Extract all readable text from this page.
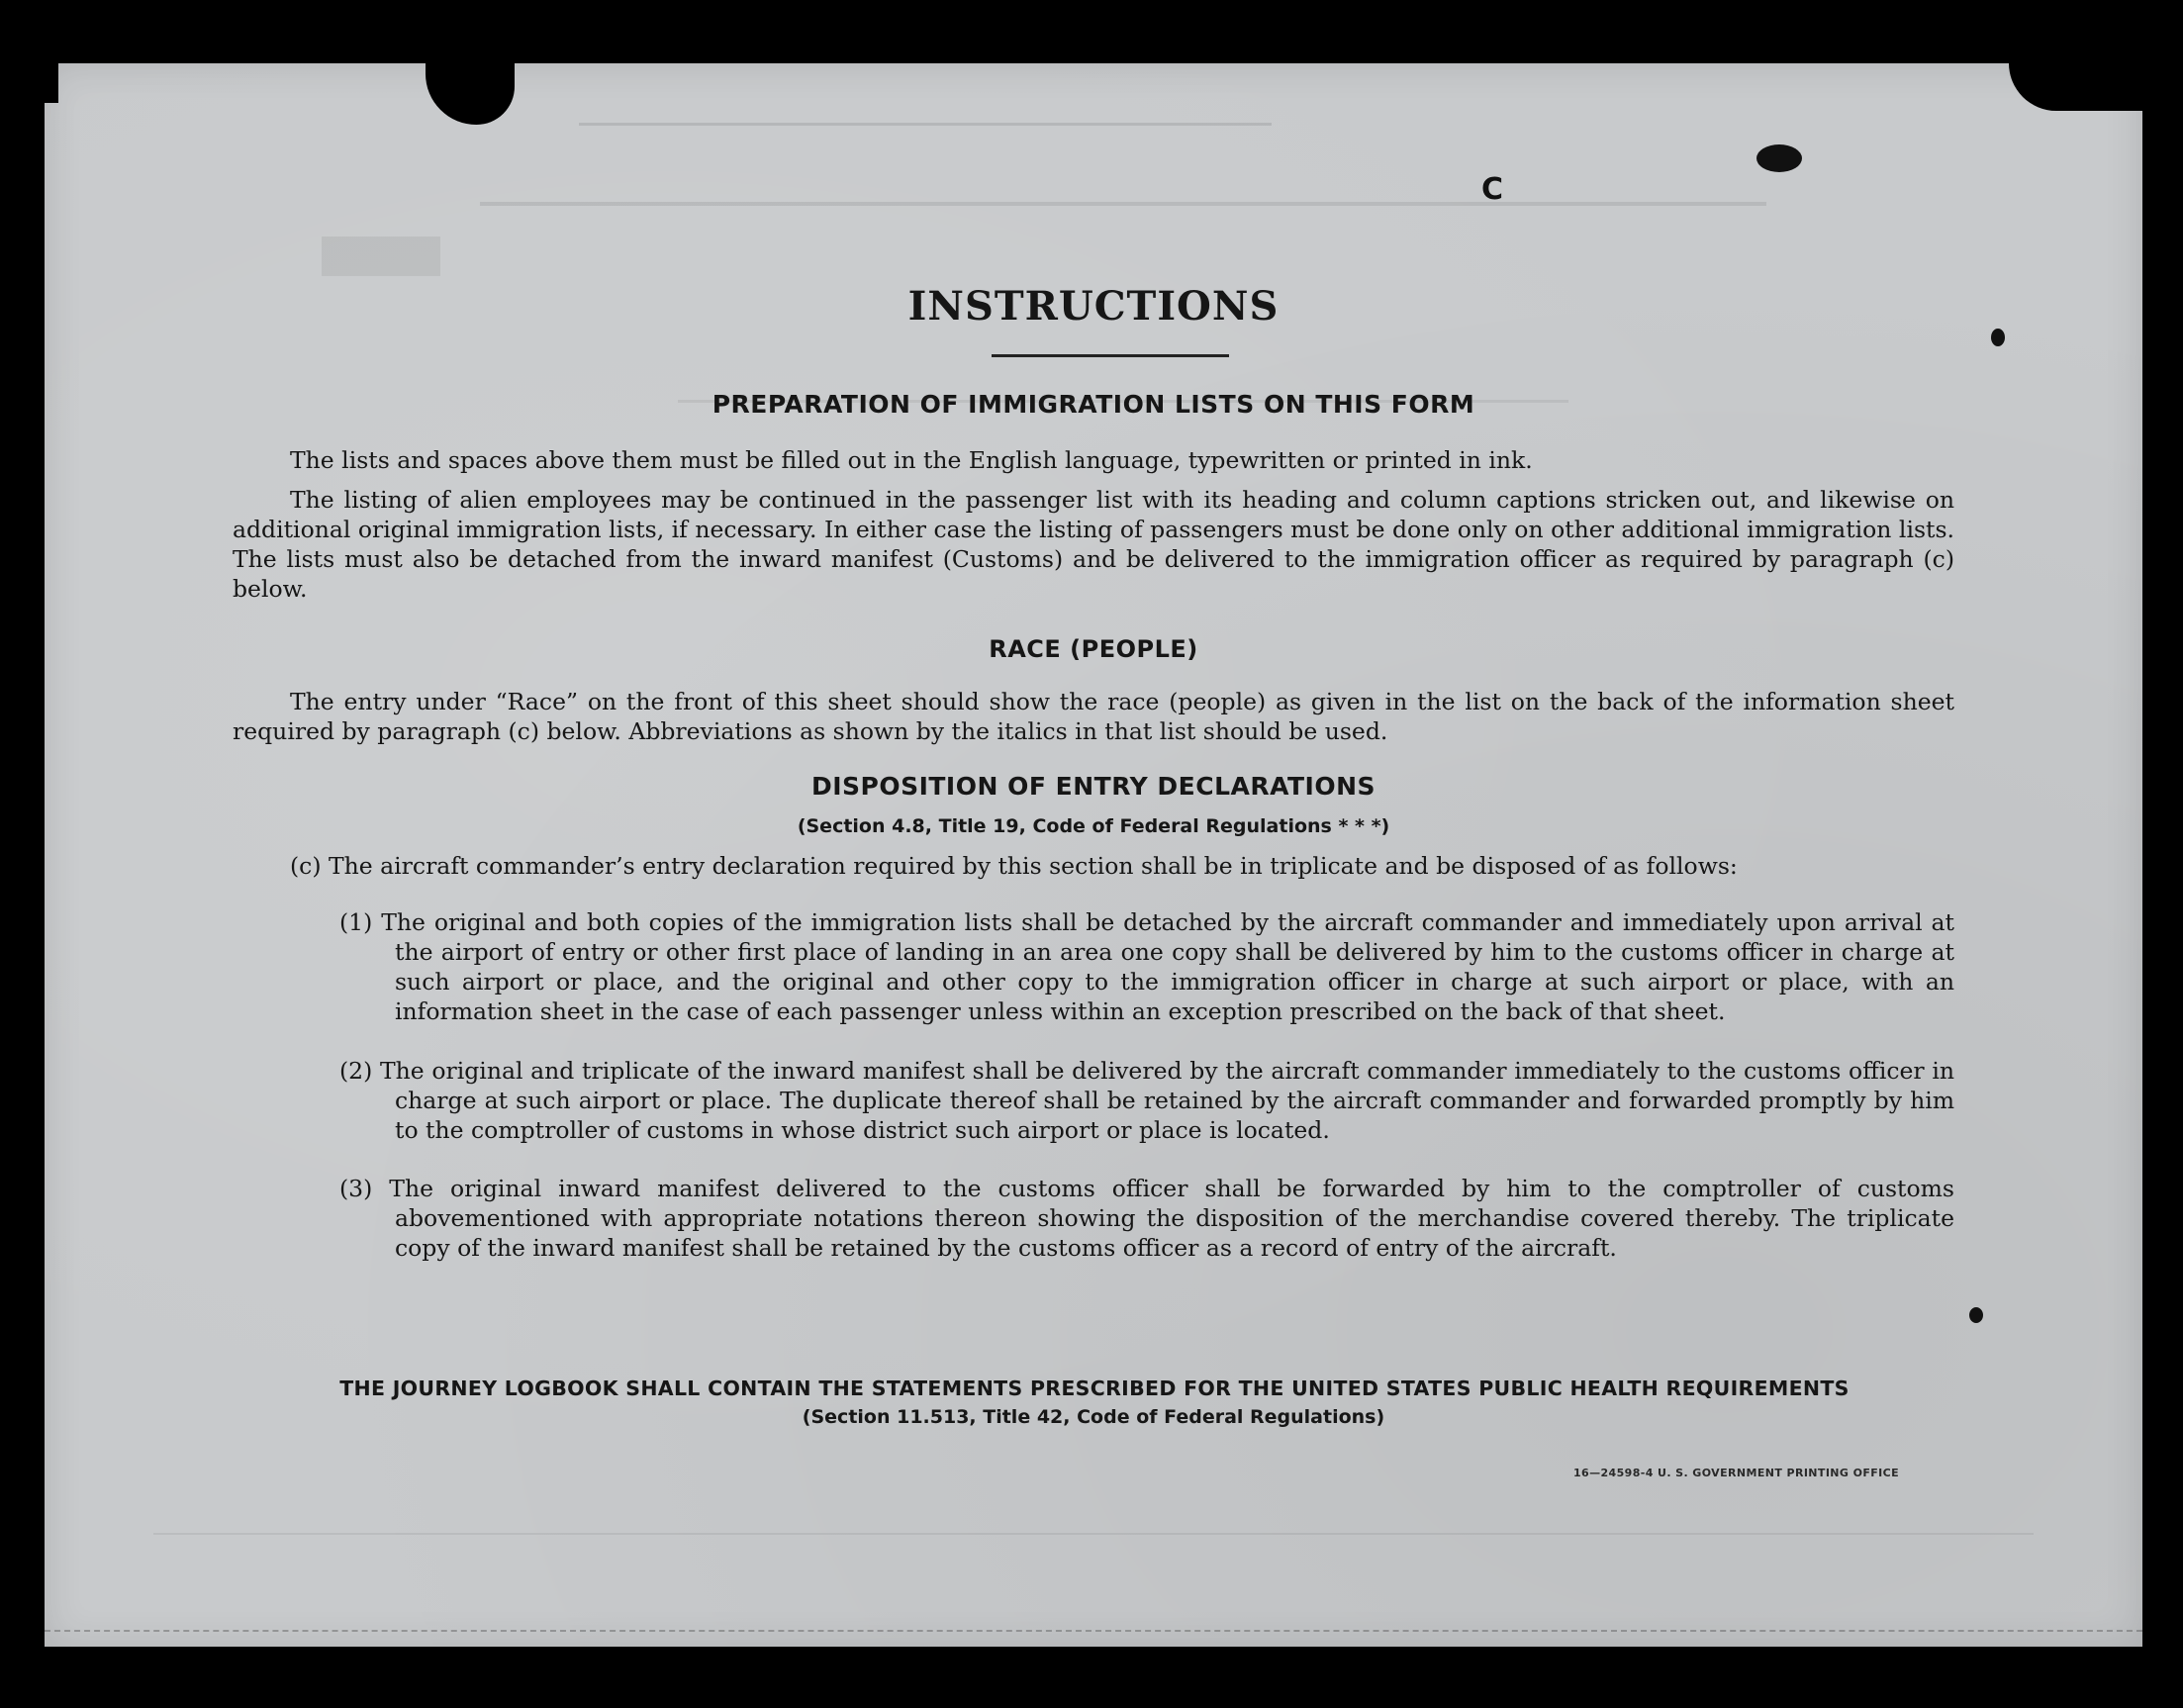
C
INSTRUCTIONS
PREPARATION OF IMMIGRATION LISTS ON THIS FORM
The lists and spaces above them must be filled out in the English language, typewritten or printed in ink.
The listing of alien employees may be continued in the passenger list with its heading and column captions stricken out, and likewise on additional original immigration lists, if necessary. In either case the listing of passengers must be done only on other additional immigration lists. The lists must also be detached from the inward manifest (Customs) and be delivered to the immigration officer as required by paragraph (c) below.
RACE (PEOPLE)
The entry under “Race” on the front of this sheet should show the race (people) as given in the list on the back of the information sheet required by paragraph (c) below. Abbreviations as shown by the italics in that list should be used.
DISPOSITION OF ENTRY DECLARATIONS
(Section 4.8, Title 19, Code of Federal Regulations * * *)
(c) The aircraft commander’s entry declaration required by this section shall be in triplicate and be disposed of as follows:
(1) The original and both copies of the immigration lists shall be detached by the aircraft commander and immediately upon arrival at the airport of entry or other first place of landing in an area one copy shall be delivered by him to the customs officer in charge at such airport or place, and the original and other copy to the immigration officer in charge at such airport or place, with an information sheet in the case of each passenger unless within an exception prescribed on the back of that sheet.
(2) The original and triplicate of the inward manifest shall be delivered by the aircraft commander immediately to the customs officer in charge at such airport or place. The duplicate thereof shall be retained by the aircraft commander and forwarded promptly by him to the comptroller of customs in whose district such airport or place is located.
(3) The original inward manifest delivered to the customs officer shall be forwarded by him to the comptroller of customs abovementioned with appropriate notations thereon showing the disposition of the merchandise covered thereby. The triplicate copy of the inward manifest shall be retained by the customs officer as a record of entry of the aircraft.
THE JOURNEY LOGBOOK SHALL CONTAIN THE STATEMENTS PRESCRIBED FOR THE UNITED STATES PUBLIC HEALTH REQUIREMENTS
(Section 11.513, Title 42, Code of Federal Regulations)
16—24598-4 U. S. GOVERNMENT PRINTING OFFICE
